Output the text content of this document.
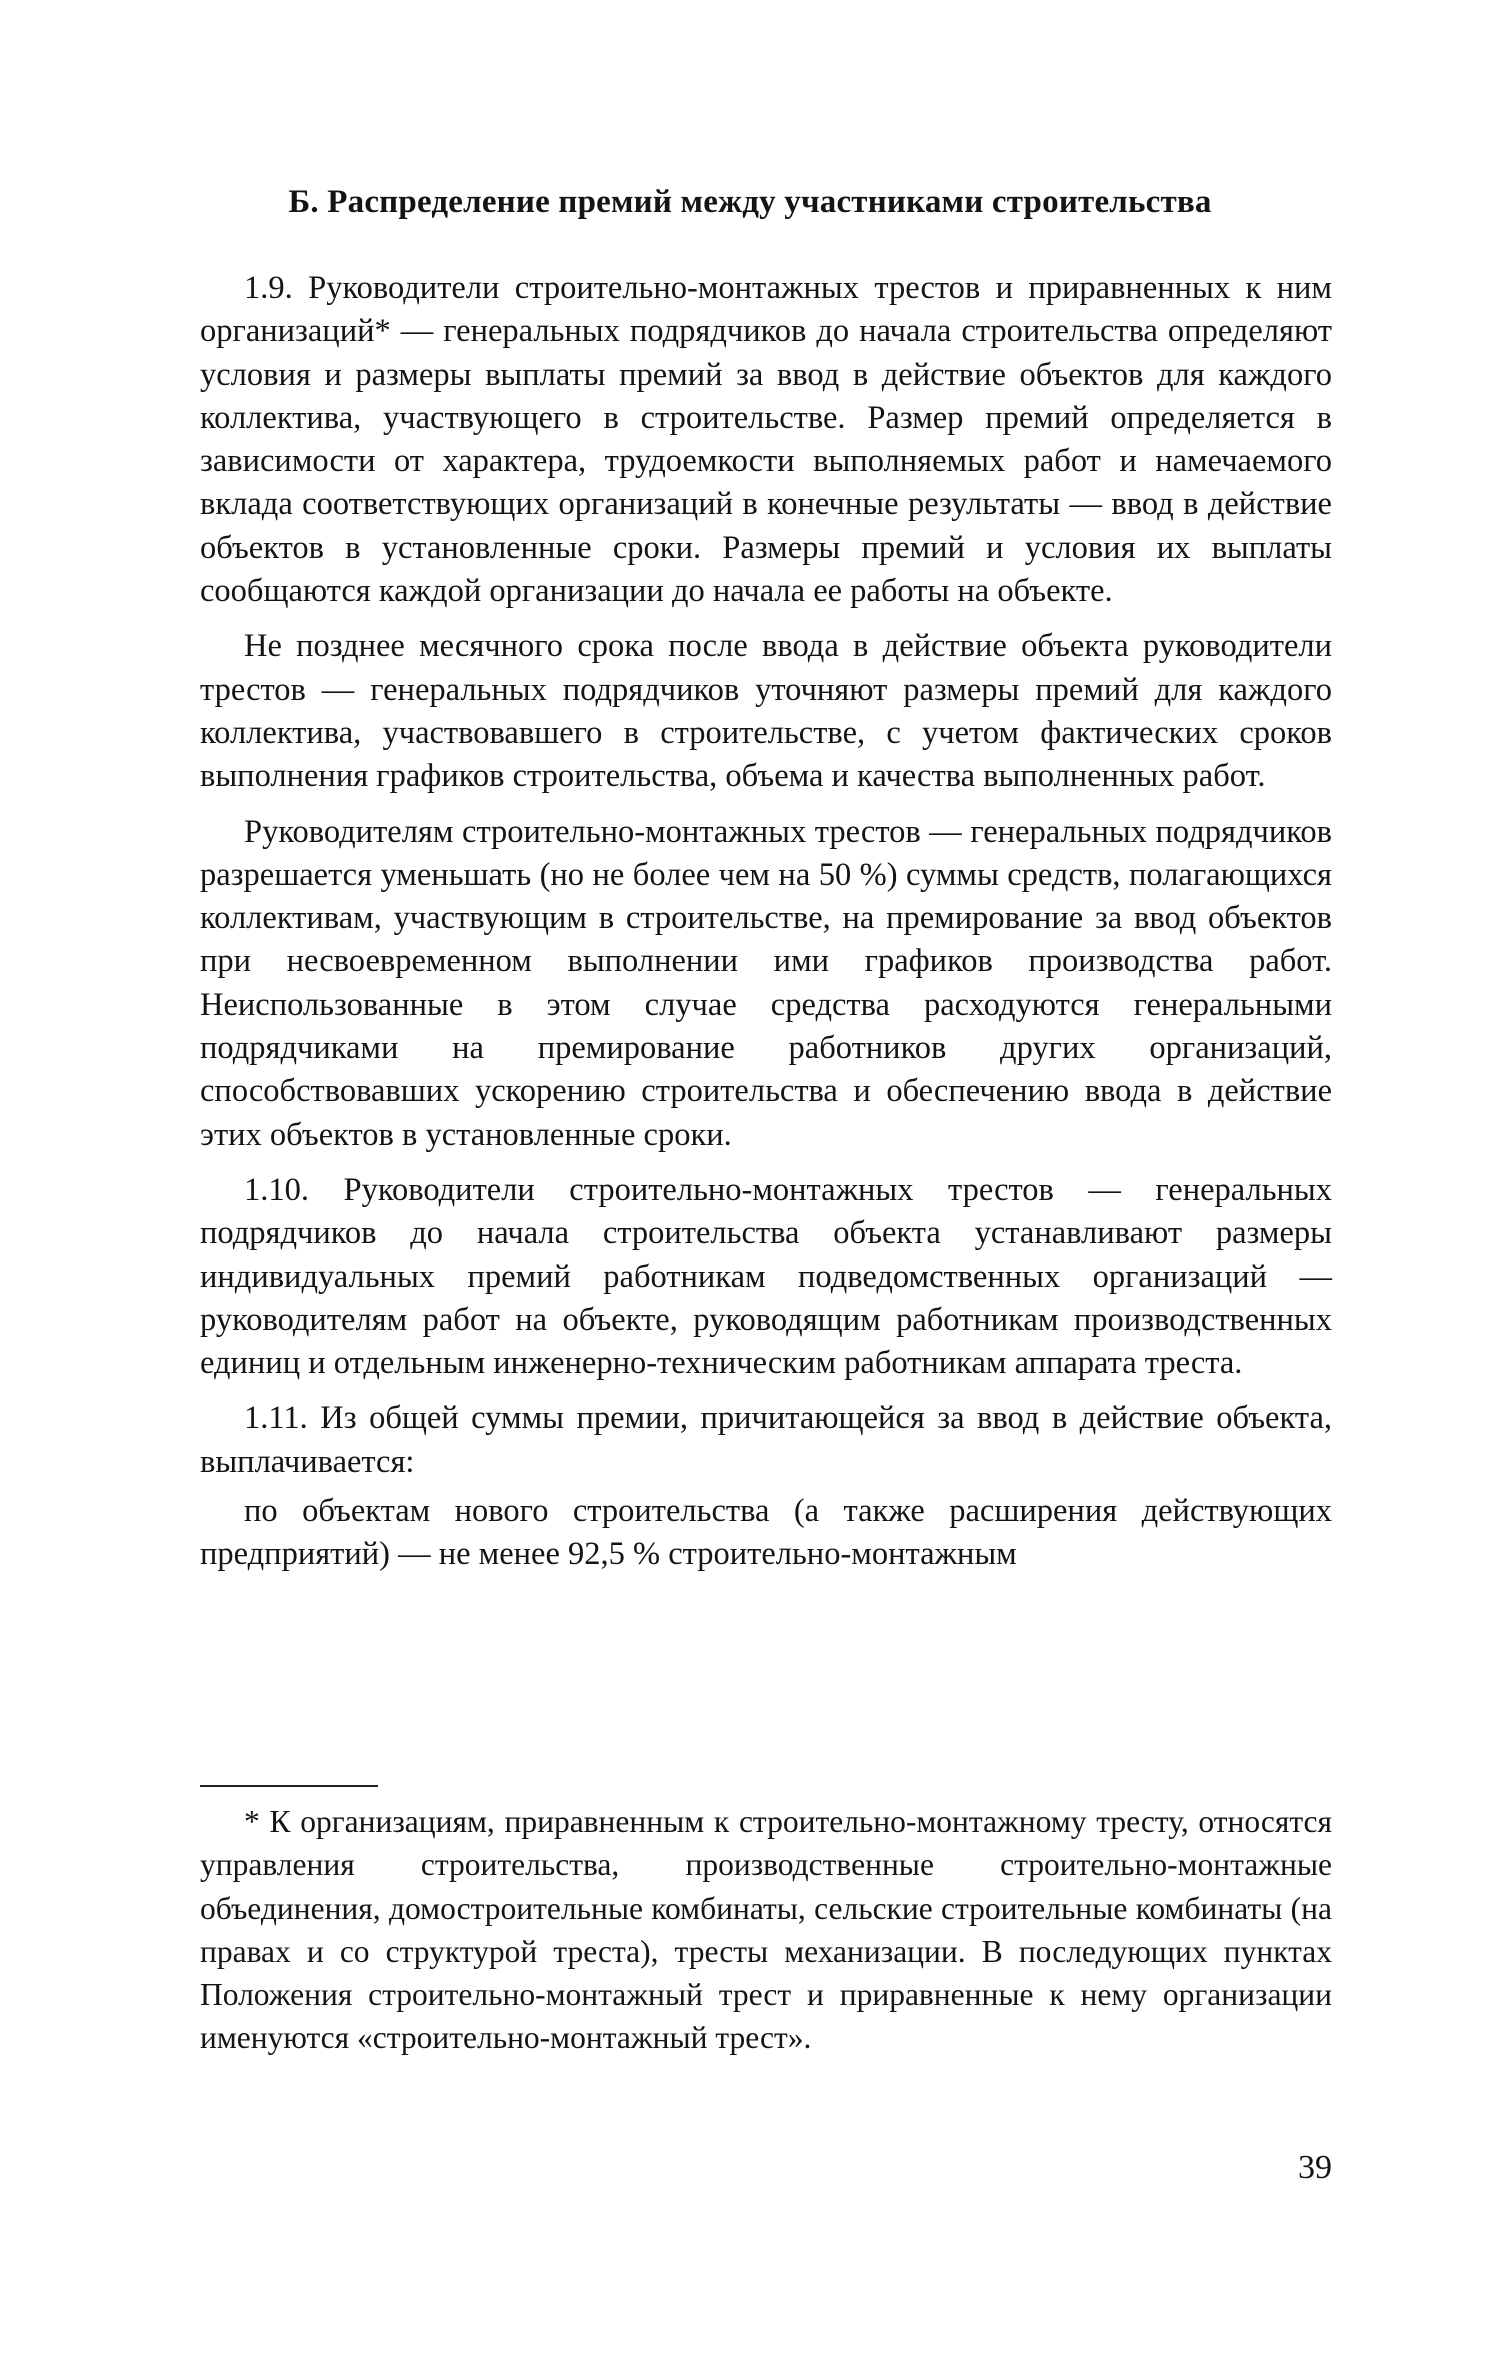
Б. Распределение премий между участниками строительства

1.9. Руководители строительно-монтажных трестов и приравненных к ним организаций* — генеральных подрядчиков до начала строительства определяют условия и размеры выплаты премий за ввод в действие объектов для каждого коллектива, участвующего в строительстве. Размер премий определяется в зависимости от характера, трудоемкости выполняемых работ и намечаемого вклада соответствующих организаций в конечные результаты — ввод в действие объектов в установленные сроки. Размеры премий и условия их выплаты сообщаются каждой организации до начала ее работы на объекте.

Не позднее месячного срока после ввода в действие объекта руководители трестов — генеральных подрядчиков уточняют размеры премий для каждого коллектива, участвовавшего в строительстве, с учетом фактических сроков выполнения графиков строительства, объема и качества выполненных работ.

Руководителям строительно-монтажных трестов — генеральных подрядчиков разрешается уменьшать (но не более чем на 50 %) суммы средств, полагающихся коллективам, участвующим в строительстве, на премирование за ввод объектов при несвоевременном выполнении ими графиков производства работ. Неиспользованные в этом случае средства расходуются генеральными подрядчиками на премирование работников других организаций, способствовавших ускорению строительства и обеспечению ввода в действие этих объектов в установленные сроки.

1.10. Руководители строительно-монтажных трестов — генеральных подрядчиков до начала строительства объекта устанавливают размеры индивидуальных премий работникам подведомственных организаций — руководителям работ на объекте, руководящим работникам производственных единиц и отдельным инженерно-техническим работникам аппарата треста.

1.11. Из общей суммы премии, причитающейся за ввод в действие объекта, выплачивается:

по объектам нового строительства (а также расширения действующих предприятий) — не менее 92,5 % строительно-монтажным

* К организациям, приравненным к строительно-монтажному тресту, относятся управления строительства, производственные строительно-монтажные объединения, домостроительные комбинаты, сельские строительные комбинаты (на правах и со структурой треста), тресты механизации. В последующих пунктах Положения строительно-монтажный трест и приравненные к нему организации именуются «строительно-монтажный трест».

39
